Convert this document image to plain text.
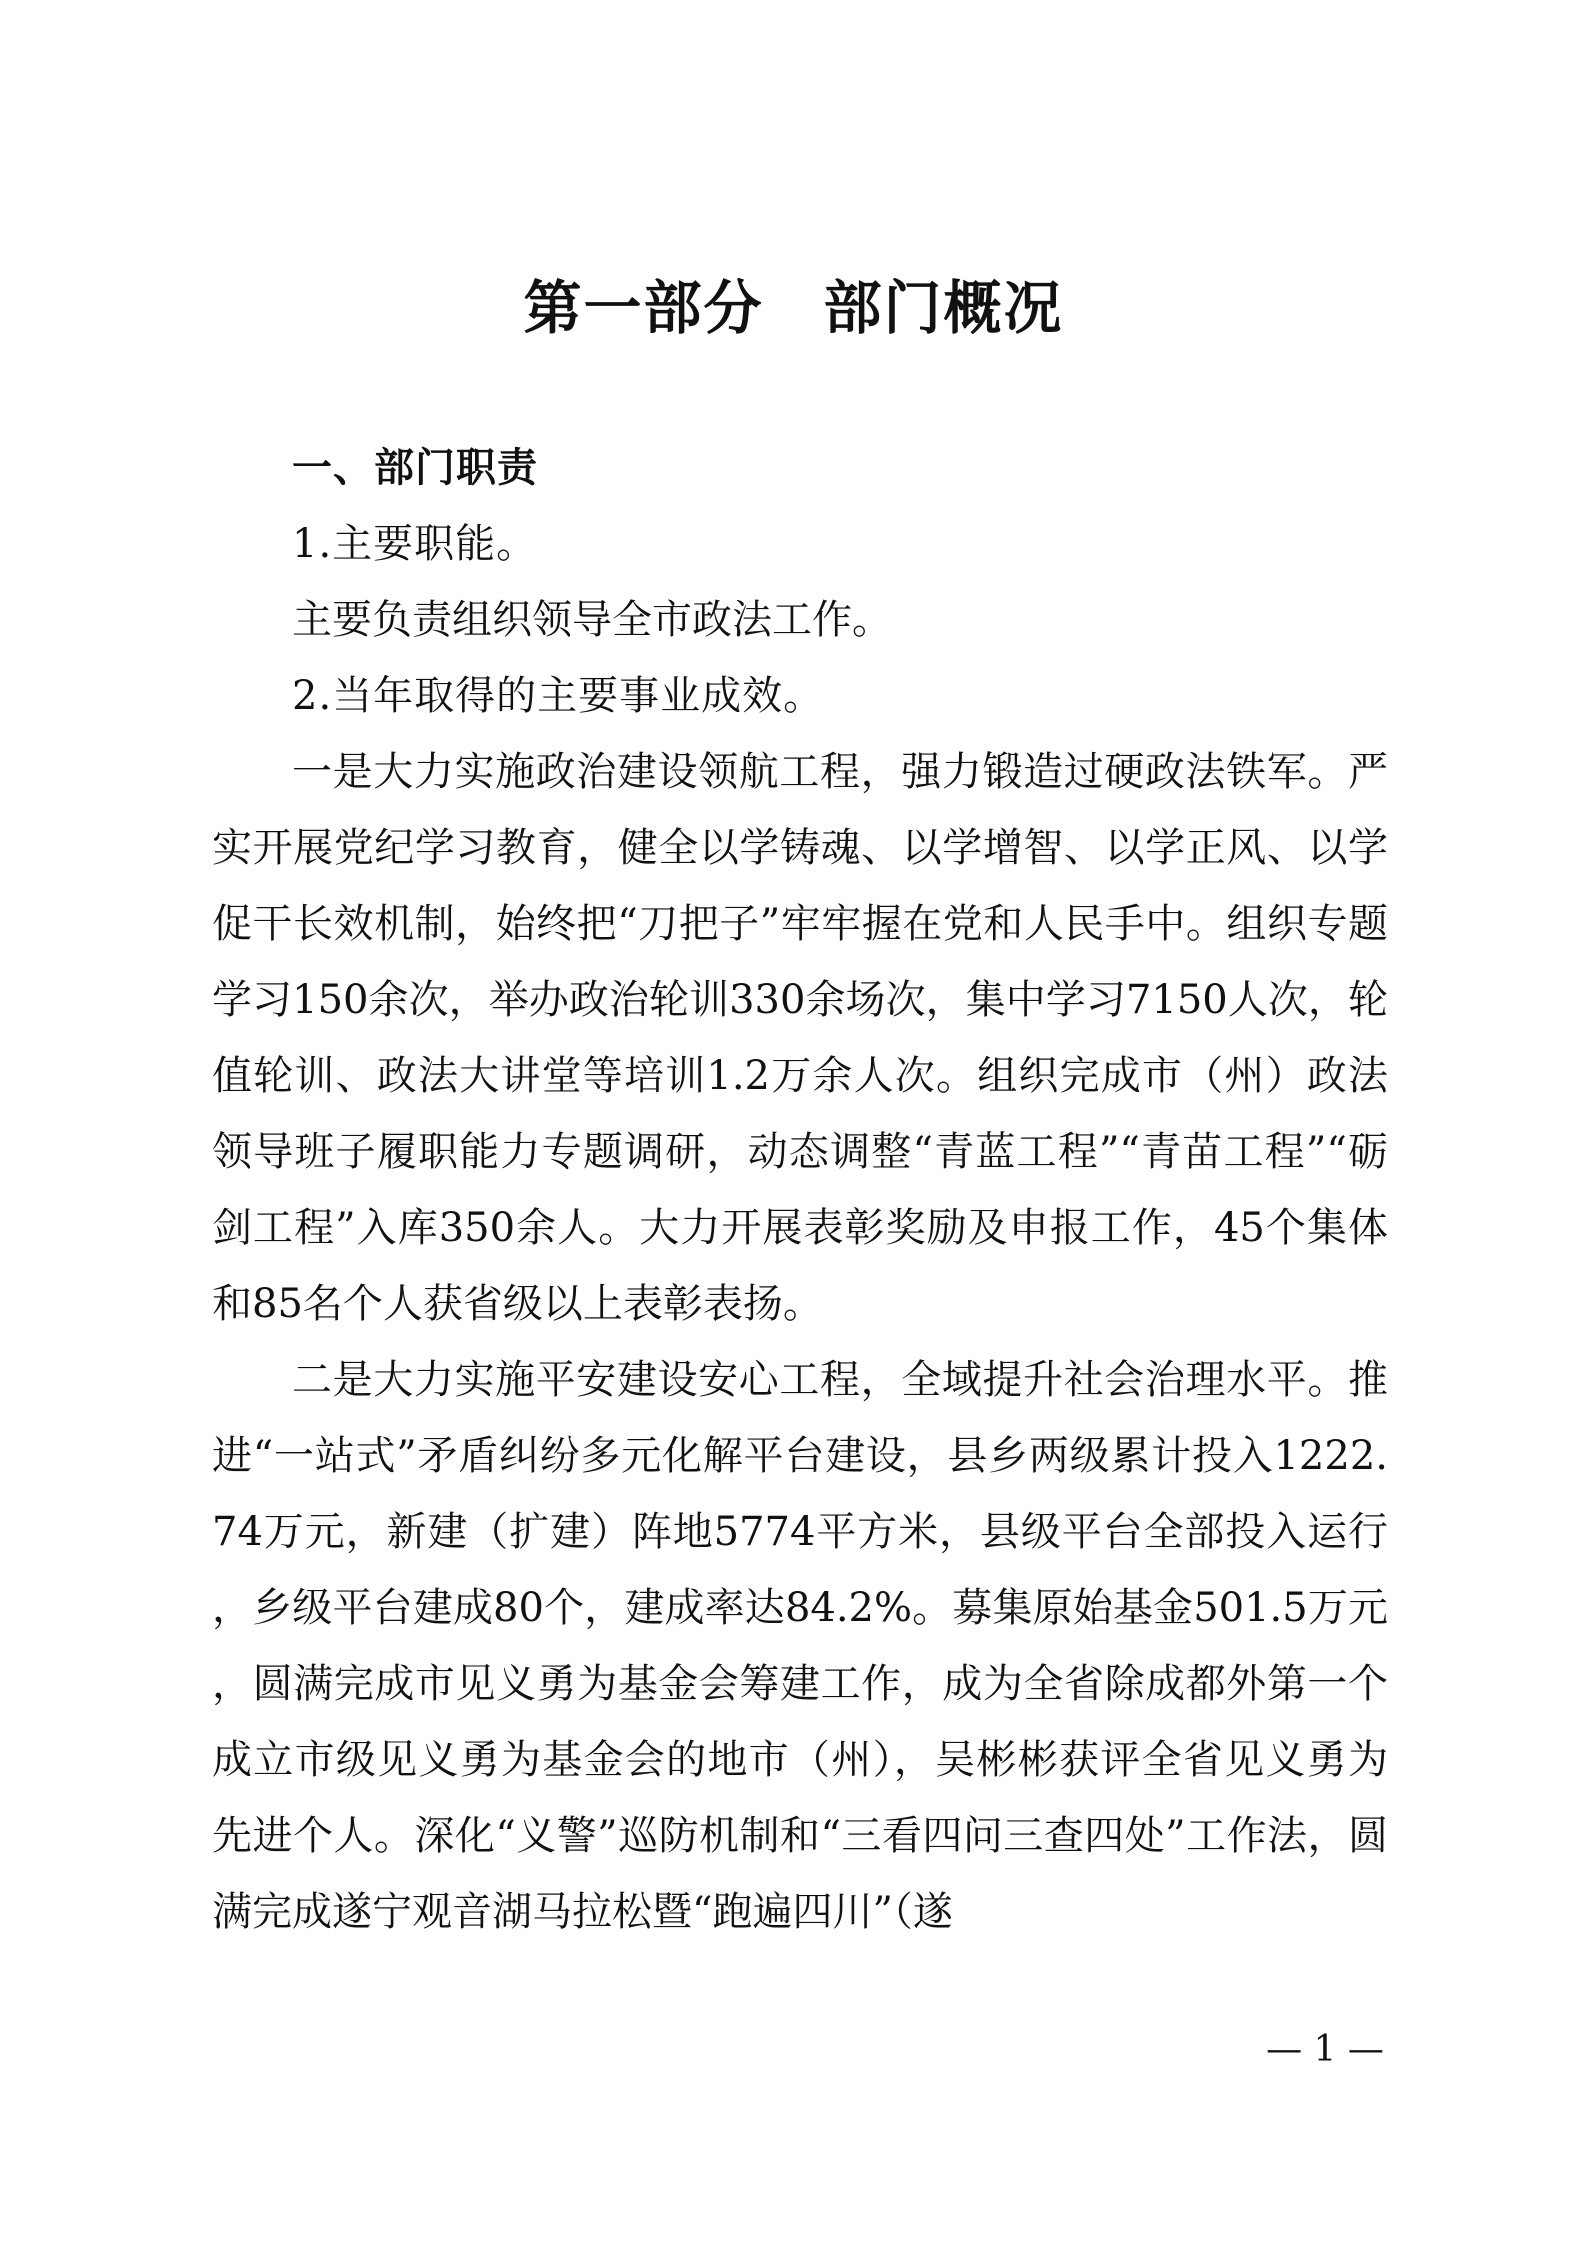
第一部分　部门概况

一、部门职责

1.主要职能。

主要负责组织领导全市政法工作。

2.当年取得的主要事业成效。

一是大力实施政治建设领航工程，强力锻造过硬政法铁军。严实开展党纪学习教育，健全以学铸魂、以学增智、以学正风、以学促干长效机制，始终把“刀把子”牢牢握在党和人民手中。组织专题学习150余次，举办政治轮训330余场次，集中学习7150人次，轮值轮训、政法大讲堂等培训1.2万余人次。组织完成市（州）政法领导班子履职能力专题调研，动态调整“青蓝工程”“青苗工程”“砺剑工程”入库350余人。大力开展表彰奖励及申报工作，45个集体和85名个人获省级以上表彰表扬。

二是大力实施平安建设安心工程，全域提升社会治理水平。推进“一站式”矛盾纠纷多元化解平台建设，县乡两级累计投入1222.74万元，新建（扩建）阵地5774平方米，县级平台全部投入运行，乡级平台建成80个，建成率达84.2%。募集原始基金501.5万元，圆满完成市见义勇为基金会筹建工作，成为全省除成都外第一个成立市级见义勇为基金会的地市（州），吴彬彬获评全省见义勇为先进个人。深化“义警”巡防机制和“三看四问三查四处”工作法，圆满完成遂宁观音湖马拉松暨“跑遍四川”（遂

— 1 —
